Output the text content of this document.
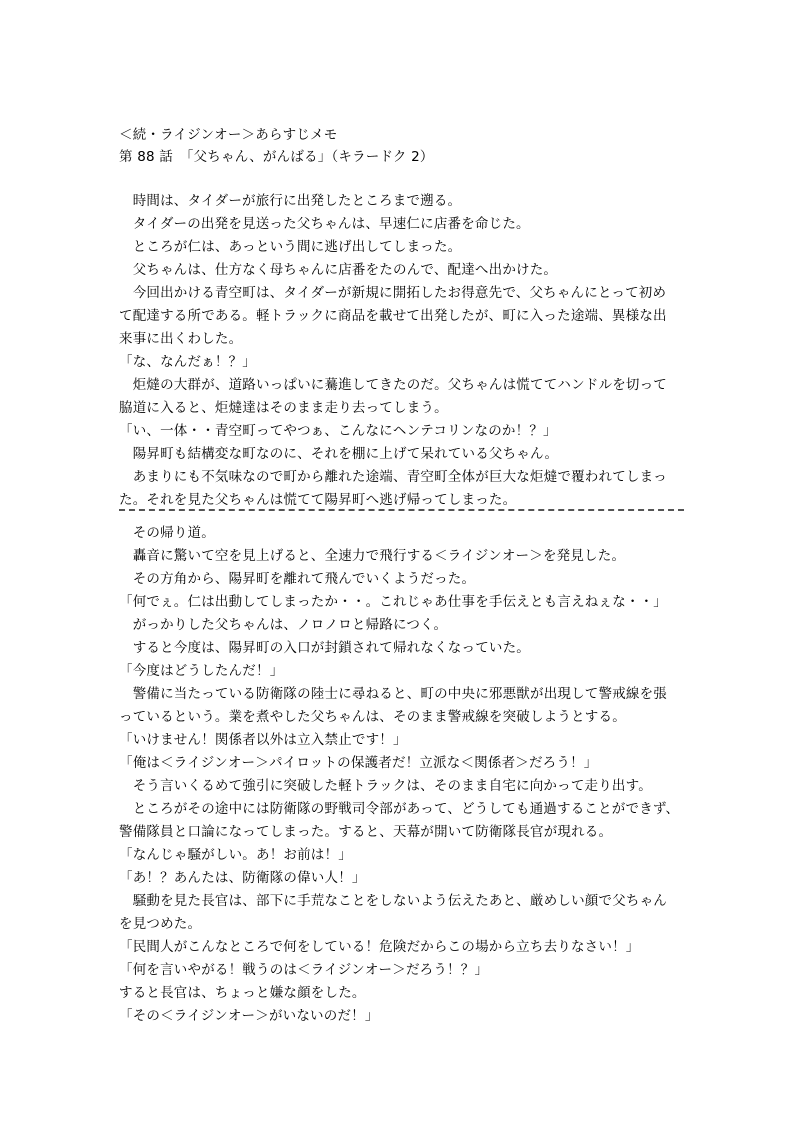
＜続・ライジンオー＞あらすじメモ
第 88 話　「父ちゃん、がんばる」（キラードク 2）
　時間は、タイダーが旅行に出発したところまで遡る。
　タイダーの出発を見送った父ちゃんは、早速仁に店番を命じた。
　ところが仁は、あっという間に逃げ出してしまった。
　父ちゃんは、仕方なく母ちゃんに店番をたのんで、配達へ出かけた。
　今回出かける青空町は、タイダーが新規に開拓したお得意先で、父ちゃんにとって初め
て配達する所である。軽トラックに商品を載せて出発したが、町に入った途端、異様な出
来事に出くわした。
「な、なんだぁ！？」
　炬燵の大群が、道路いっぱいに驀進してきたのだ。父ちゃんは慌ててハンドルを切って
脇道に入ると、炬燵達はそのまま走り去ってしまう。
「い、一体・・青空町ってやつぁ、こんなにヘンテコリンなのか！？」
　陽昇町も結構変な町なのに、それを棚に上げて呆れている父ちゃん。
　あまりにも不気味なので町から離れた途端、青空町全体が巨大な炬燵で覆われてしまっ
た。それを見た父ちゃんは慌てて陽昇町へ逃げ帰ってしまった。
　その帰り道。
　轟音に驚いて空を見上げると、全速力で飛行する＜ライジンオー＞を発見した。
　その方角から、陽昇町を離れて飛んでいくようだった。
「何でぇ。仁は出動してしまったか・・。これじゃあ仕事を手伝えとも言えねぇな・・」
　がっかりした父ちゃんは、ノロノロと帰路につく。
　すると今度は、陽昇町の入口が封鎖されて帰れなくなっていた。
「今度はどうしたんだ！」
　警備に当たっている防衛隊の陸士に尋ねると、町の中央に邪悪獣が出現して警戒線を張
っているという。業を煮やした父ちゃんは、そのまま警戒線を突破しようとする。
「いけません！関係者以外は立入禁止です！」
「俺は＜ライジンオー＞パイロットの保護者だ！立派な＜関係者＞だろう！」
　そう言いくるめて強引に突破した軽トラックは、そのまま自宅に向かって走り出す。
　ところがその途中には防衛隊の野戦司令部があって、どうしても通過することができず、
警備隊員と口論になってしまった。すると、天幕が開いて防衛隊長官が現れる。
「なんじゃ騒がしい。あ！お前は！」
「あ！？あんたは、防衛隊の偉い人！」
　騒動を見た長官は、部下に手荒なことをしないよう伝えたあと、厳めしい顔で父ちゃん
を見つめた。
「民間人がこんなところで何をしている！危険だからこの場から立ち去りなさい！」
「何を言いやがる！戦うのは＜ライジンオー＞だろう！？」
すると長官は、ちょっと嫌な顔をした。
「その＜ライジンオー＞がいないのだ！」
